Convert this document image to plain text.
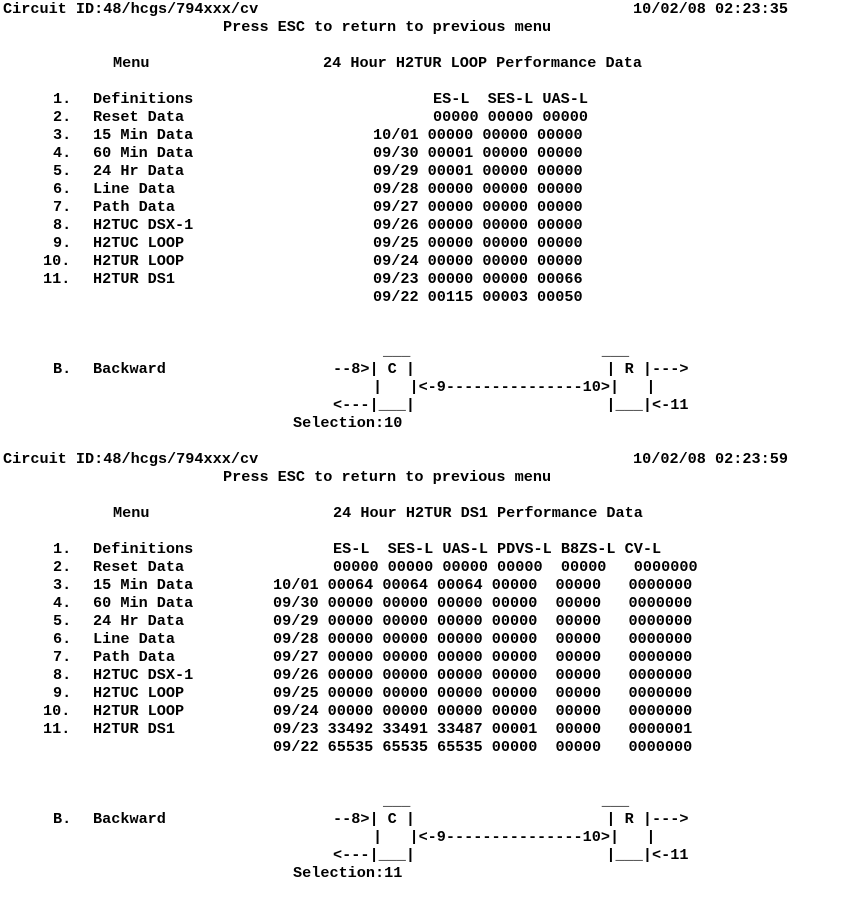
Circuit ID:48/hcgs/794xxx/cv	10/02/08 02:23:35
Press ESC to return to previous menu
Menu	24 Hour H2TUR LOOP Performance Data
ES-L  SES-L UAS-L
1. Definitions
2. Reset Data
3. 15 Min Data
4. 60 Min Data
5. 24 Hr Data
6. Line Data
7. Path Data
8. H2TUC DSX-1
9. H2TUC LOOP
10. H2TUR LOOP
11. H2TUR DS1
00000 00000 00000
10/01 00000 00000 00000
09/30 00001 00000 00000
09/29 00001 00000 00000
09/28 00000 00000 00000
09/27 00000 00000 00000
09/26 00000 00000 00000
09/25 00000 00000 00000
09/24 00000 00000 00000
09/23 00000 00000 00066
09/22 00115 00003 00050
B. Backward
___                     ___
--8>| C |                     | R |--->
|   |<-9---------------10>|   |
<---|___|                     |___|<-11
Selection:10
Circuit ID:48/hcgs/794xxx/cv	10/02/08 02:23:59
Press ESC to return to previous menu
Menu	24 Hour H2TUR DS1 Performance Data
ES-L  SES-L UAS-L PDVS-L B8ZS-L CV-L
1. Definitions
2. Reset Data
3. 15 Min Data
4. 60 Min Data
5. 24 Hr Data
6. Line Data
7. Path Data
8. H2TUC DSX-1
9. H2TUC LOOP
10. H2TUR LOOP
11. H2TUR DS1
00000 00000 00000 00000  00000   0000000
10/01 00064 00064 00064 00000  00000   0000000
09/30 00000 00000 00000 00000  00000   0000000
09/29 00000 00000 00000 00000  00000   0000000
09/28 00000 00000 00000 00000  00000   0000000
09/27 00000 00000 00000 00000  00000   0000000
09/26 00000 00000 00000 00000  00000   0000000
09/25 00000 00000 00000 00000  00000   0000000
09/24 00000 00000 00000 00000  00000   0000000
09/23 33492 33491 33487 00001  00000   0000001
09/22 65535 65535 65535 00000  00000   0000000
B. Backward
___                     ___
--8>| C |                     | R |--->
|   |<-9---------------10>|   |
<---|___|                     |___|<-11
Selection:11
